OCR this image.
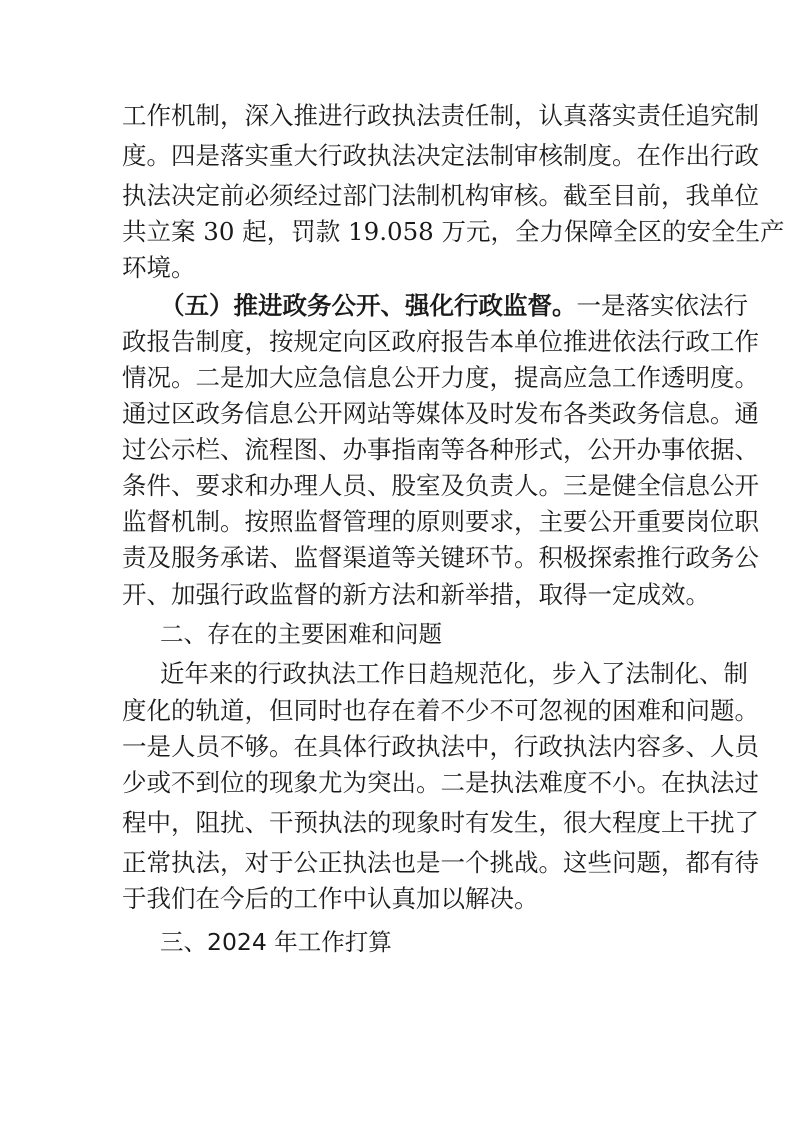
工作机制，深入推进行政执法责任制，认真落实责任追究制
度。四是落实重大行政执法决定法制审核制度。在作出行政
执法决定前必须经过部门法制机构审核。截至目前，我单位
共立案 30 起，罚款 19.058 万元，全力保障全区的安全生产
环境。
（五）推进政务公开、强化行政监督。一是落实依法行
政报告制度，按规定向区政府报告本单位推进依法行政工作
情况。二是加大应急信息公开力度，提高应急工作透明度。
通过区政务信息公开网站等媒体及时发布各类政务信息。通
过公示栏、流程图、办事指南等各种形式，公开办事依据、
条件、要求和办理人员、股室及负责人。三是健全信息公开
监督机制。按照监督管理的原则要求，主要公开重要岗位职
责及服务承诺、监督渠道等关键环节。积极探索推行政务公
开、加强行政监督的新方法和新举措，取得一定成效。
二、存在的主要困难和问题
近年来的行政执法工作日趋规范化，步入了法制化、制
度化的轨道，但同时也存在着不少不可忽视的困难和问题。
一是人员不够。在具体行政执法中，行政执法内容多、人员
少或不到位的现象尤为突出。二是执法难度不小。在执法过
程中，阻扰、干预执法的现象时有发生，很大程度上干扰了
正常执法，对于公正执法也是一个挑战。这些问题，都有待
于我们在今后的工作中认真加以解决。
三、2024 年工作打算
